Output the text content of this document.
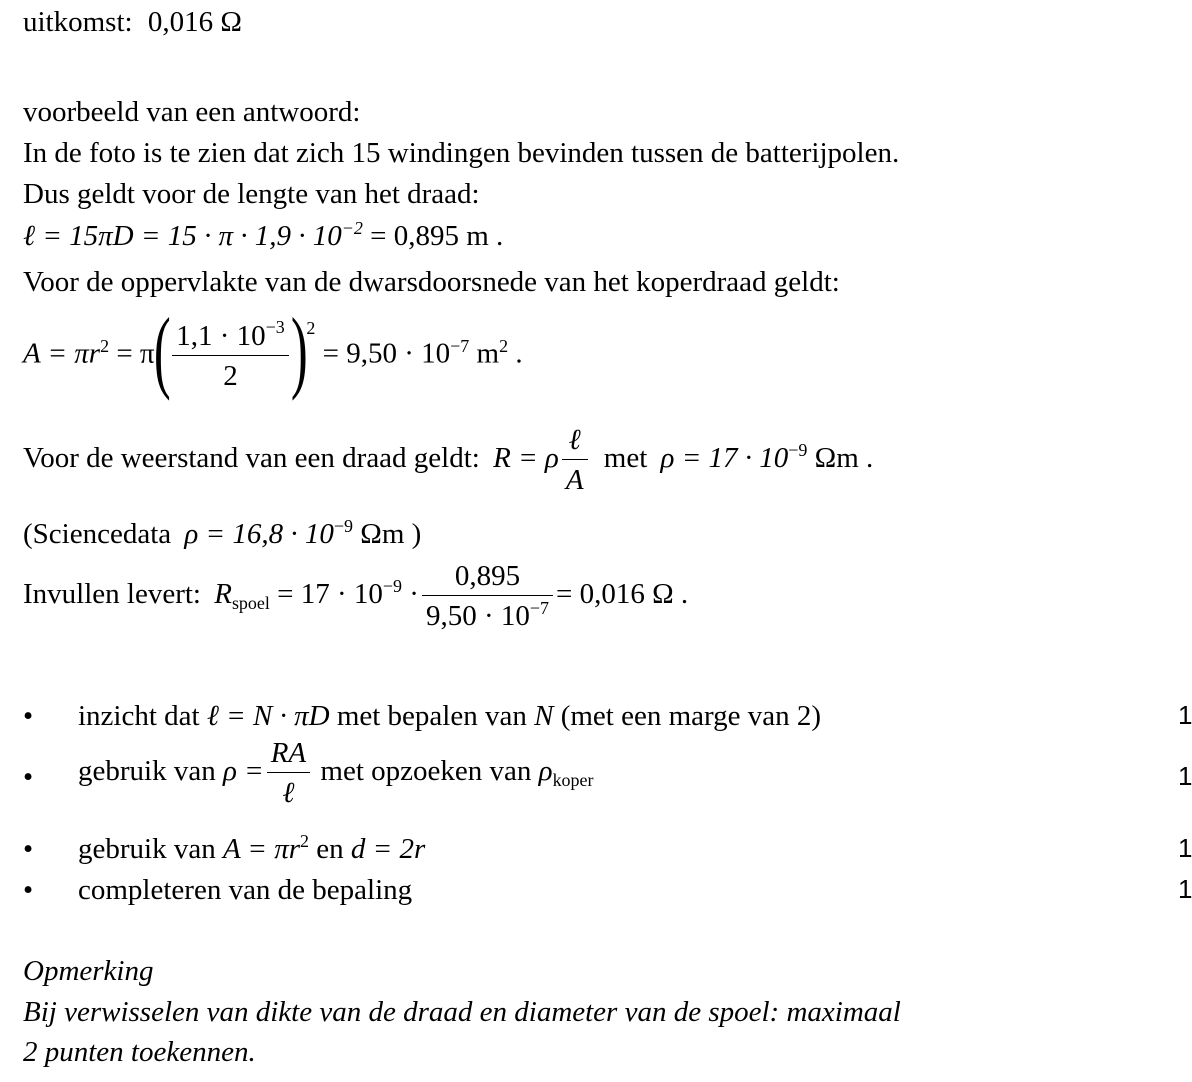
uitkomst: 0,016 Ω
voorbeeld van een antwoord:
In de foto is te zien dat zich 15 windingen bevinden tussen de batterijpolen.
Dus geldt voor de lengte van het draad:
ℓ = $15\pi D = 15 \cdot \pi \cdot 1,9 \cdot 10^{-2} = 0,895$ m .
Voor de oppervlakte van de dwarsdoorsnede van het koperdraad geldt:
$A = \pi r^2 = \pi( \frac{1,1 \cdot 10^{-3}}{2} )^2 = 9,50 \cdot 10^{-7}$ $m^2$ .
Voor de weerstand van een draad geldt: R = ρ $\frac{\text{ℓ}}{A}$ met $\rho = 17 \cdot 10^{-9}$ Ωm .
(Sciencedata $\rho = 16,8 \cdot 10^{-9}$ Ωm )
Invullen levert: $R_{spoel} = 17 \cdot 10^{-9} \cdot \frac{0,895}{9,50 \cdot 10^{-7}} = 0,016$ Ω .
• inzicht dat ℓ = N · πD met bepalen van N (met een marge van 2)	1
• gebruik van $\rho = \frac{RA}{\text{ℓ}}$ met opzoeken van $\rho_{koper}$	1
• gebruik van $A = \pi r^2$ en d = 2r	1
• completeren van de bepaling	1
Opmerking
Bij verwisselen van dikte van de draad en diameter van de spoel: maximaal
2 punten toekennen.
